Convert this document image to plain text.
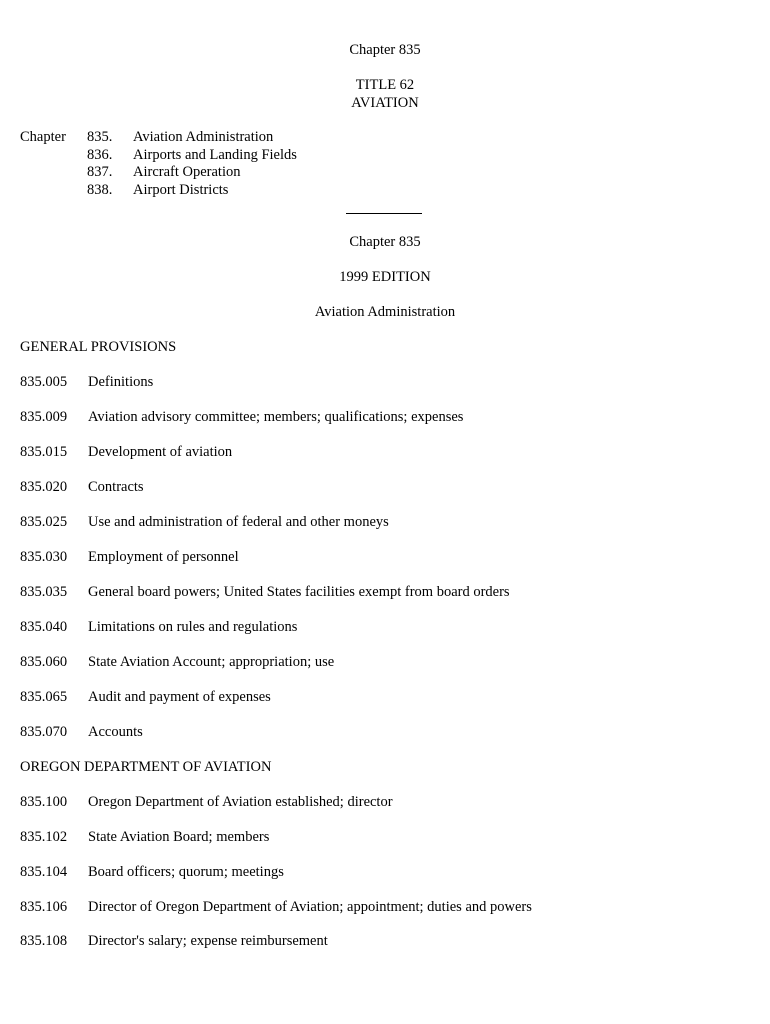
Chapter 835
TITLE 62
AVIATION
Chapter 835. Aviation Administration
836. Airports and Landing Fields
837. Aircraft Operation
838. Airport Districts
Chapter 835
1999 EDITION
Aviation Administration
GENERAL PROVISIONS
835.005 Definitions
835.009 Aviation advisory committee; members; qualifications; expenses
835.015 Development of aviation
835.020 Contracts
835.025 Use and administration of federal and other moneys
835.030 Employment of personnel
835.035 General board powers; United States facilities exempt from board orders
835.040 Limitations on rules and regulations
835.060 State Aviation Account; appropriation; use
835.065 Audit and payment of expenses
835.070 Accounts
OREGON DEPARTMENT OF AVIATION
835.100 Oregon Department of Aviation established; director
835.102 State Aviation Board; members
835.104 Board officers; quorum; meetings
835.106 Director of Oregon Department of Aviation; appointment; duties and powers
835.108 Director's salary; expense reimbursement
